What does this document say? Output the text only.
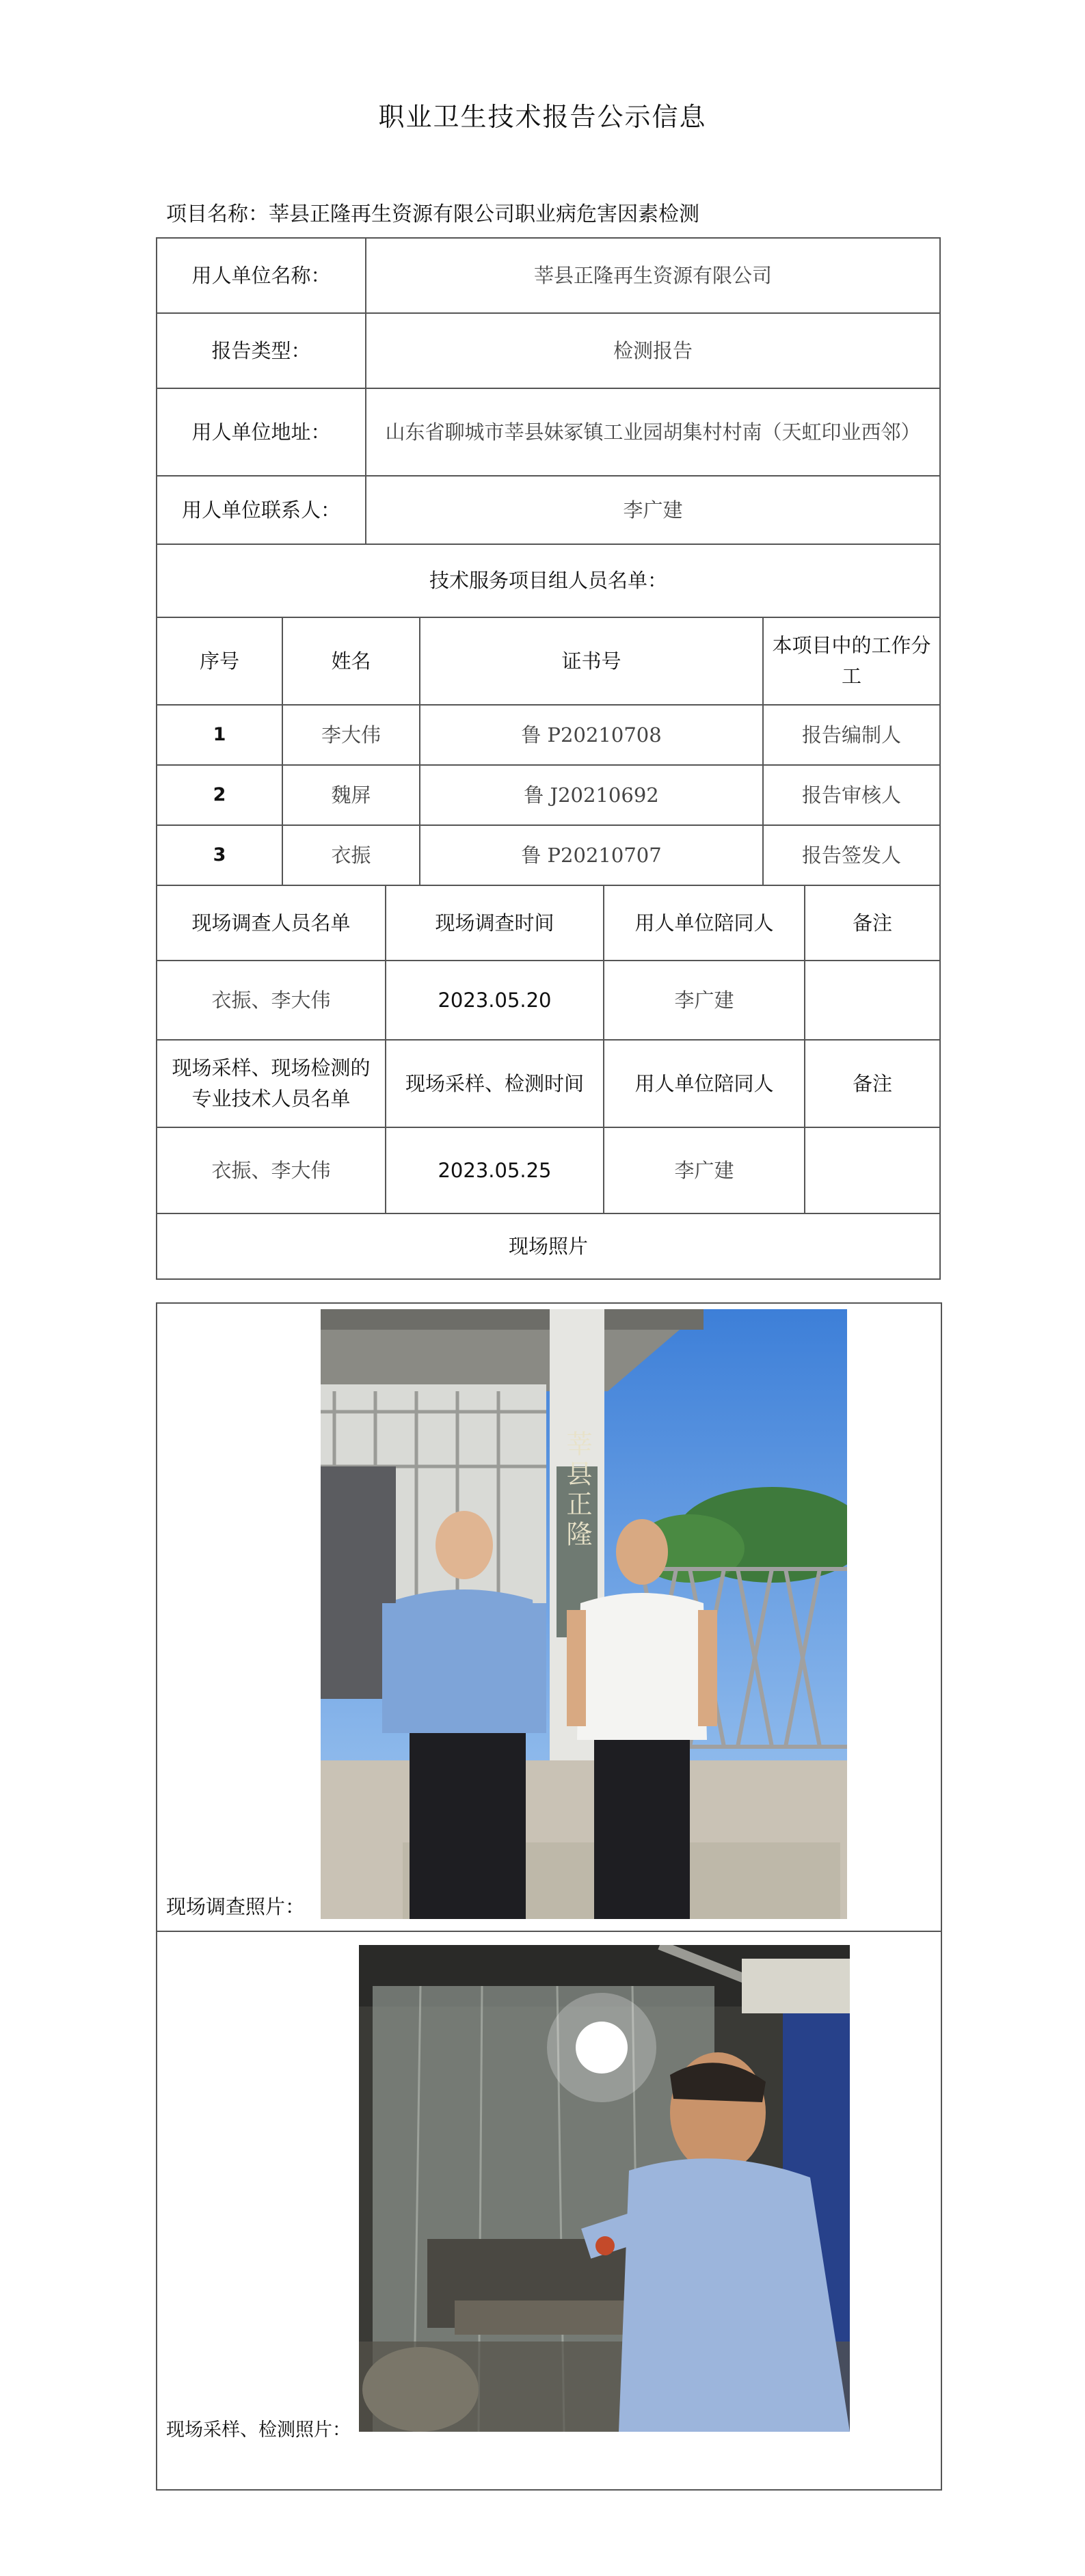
职业卫生技术报告公示信息
项目名称：莘县正隆再生资源有限公司职业病危害因素检测
用人单位名称：	莘县正隆再生资源有限公司
报告类型：	检测报告
用人单位地址：	山东省聊城市莘县妹冢镇工业园胡集村村南（天虹印业西邻）
用人单位联系人：	李广建
技术服务项目组人员名单：	
序号	姓名	证书号	本项目中的工作分工
1	李大伟	鲁 P20210708	报告编制人
2	魏屏	鲁 J20210692	报告审核人
3	衣振	鲁 P20210707	报告签发人
现场调查人员名单	现场调查时间	用人单位陪同人	备注
衣振、李大伟	2023.05.20	李广建	
现场采样、现场检测的专业技术人员名单	现场采样、检测时间	用人单位陪同人	备注
衣振、李大伟	2023.05.25	李广建	
现场照片			
莘县正隆
现场调查照片：
现场采样、检测照片：
